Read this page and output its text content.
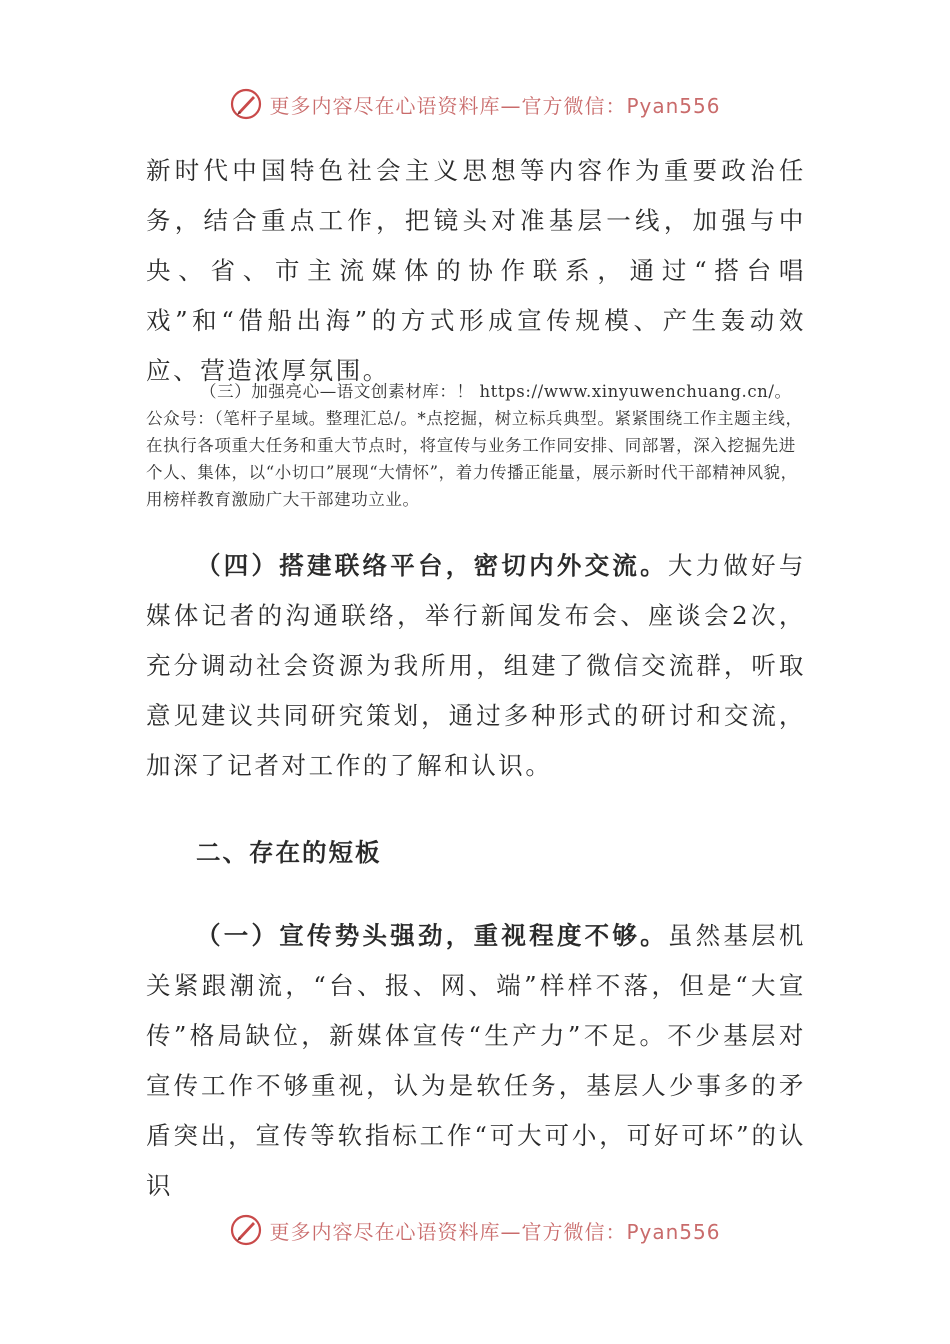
更多内容尽在心语资料库—官方微信：Pyan556

新时代中国特色社会主义思想等内容作为重要政治任务，结合重点工作，把镜头对准基层一线，加强与中央、省、市主流媒体的协作联系，通过“搭台唱戏”和“借船出海”的方式形成宣传规模、产生轰动效应、营造浓厚氛围。

（三）加强亮心—语文创素材库：！ https://www.xinyuwenchuang.cn/。公众号：（笔杆子星域。整理汇总/。*点挖掘，树立标兵典型。紧紧围绕工作主题主线，在执行各项重大任务和重大节点时，将宣传与业务工作同安排、同部署，深入挖掘先进个人、集体，以“小切口”展现“大情怀”，着力传播正能量，展示新时代干部精神风貌，用榜样教育激励广大干部建功立业。

（四）搭建联络平台，密切内外交流。大力做好与媒体记者的沟通联络，举行新闻发布会、座谈会2次，充分调动社会资源为我所用，组建了微信交流群，听取意见建议共同研究策划，通过多种形式的研讨和交流，加深了记者对工作的了解和认识。

二、存在的短板

（一）宣传势头强劲，重视程度不够。虽然基层机关紧跟潮流，“台、报、网、端”样样不落，但是“大宣传”格局缺位，新媒体宣传“生产力”不足。不少基层对宣传工作不够重视，认为是软任务，基层人少事多的矛盾突出，宣传等软指标工作“可大可小，可好可坏”的认识

更多内容尽在心语资料库—官方微信：Pyan556
